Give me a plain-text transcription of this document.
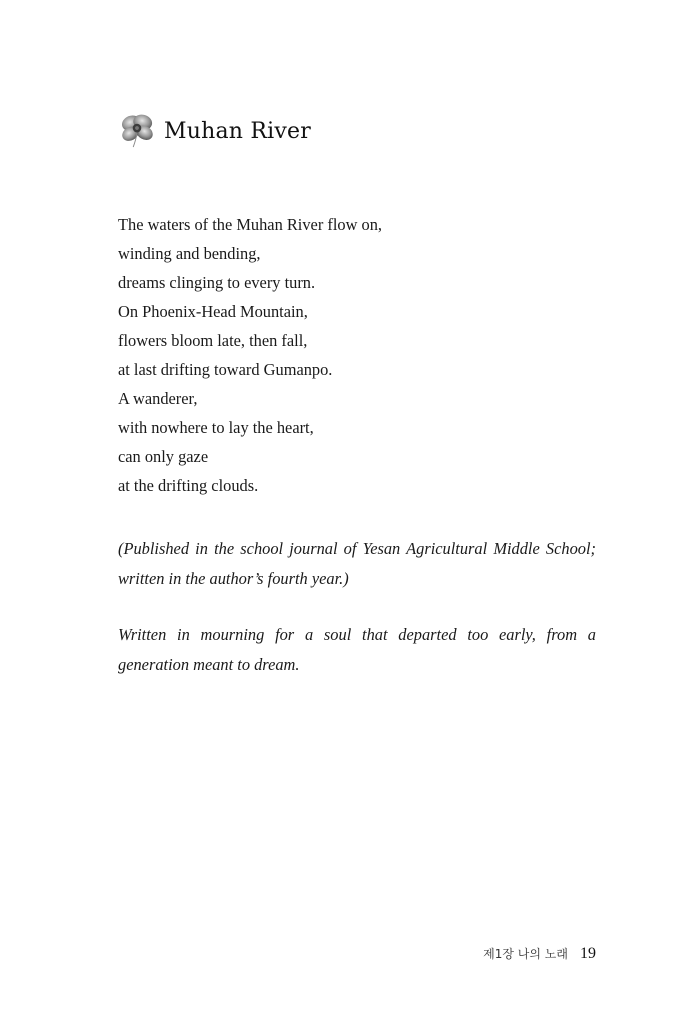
Muhan River
The waters of the Muhan River flow on,
winding and bending,
dreams clinging to every turn.
On Phoenix-Head Mountain,
flowers bloom late, then fall,
at last drifting toward Gumanpo.
A wanderer,
with nowhere to lay the heart,
can only gaze
at the drifting clouds.
(Published in the school journal of Yesan Agricultural Middle School; written in the author’s fourth year.)
Written in mourning for a soul that departed too early, from a generation meant to dream.
제1장 나의 노래 19
